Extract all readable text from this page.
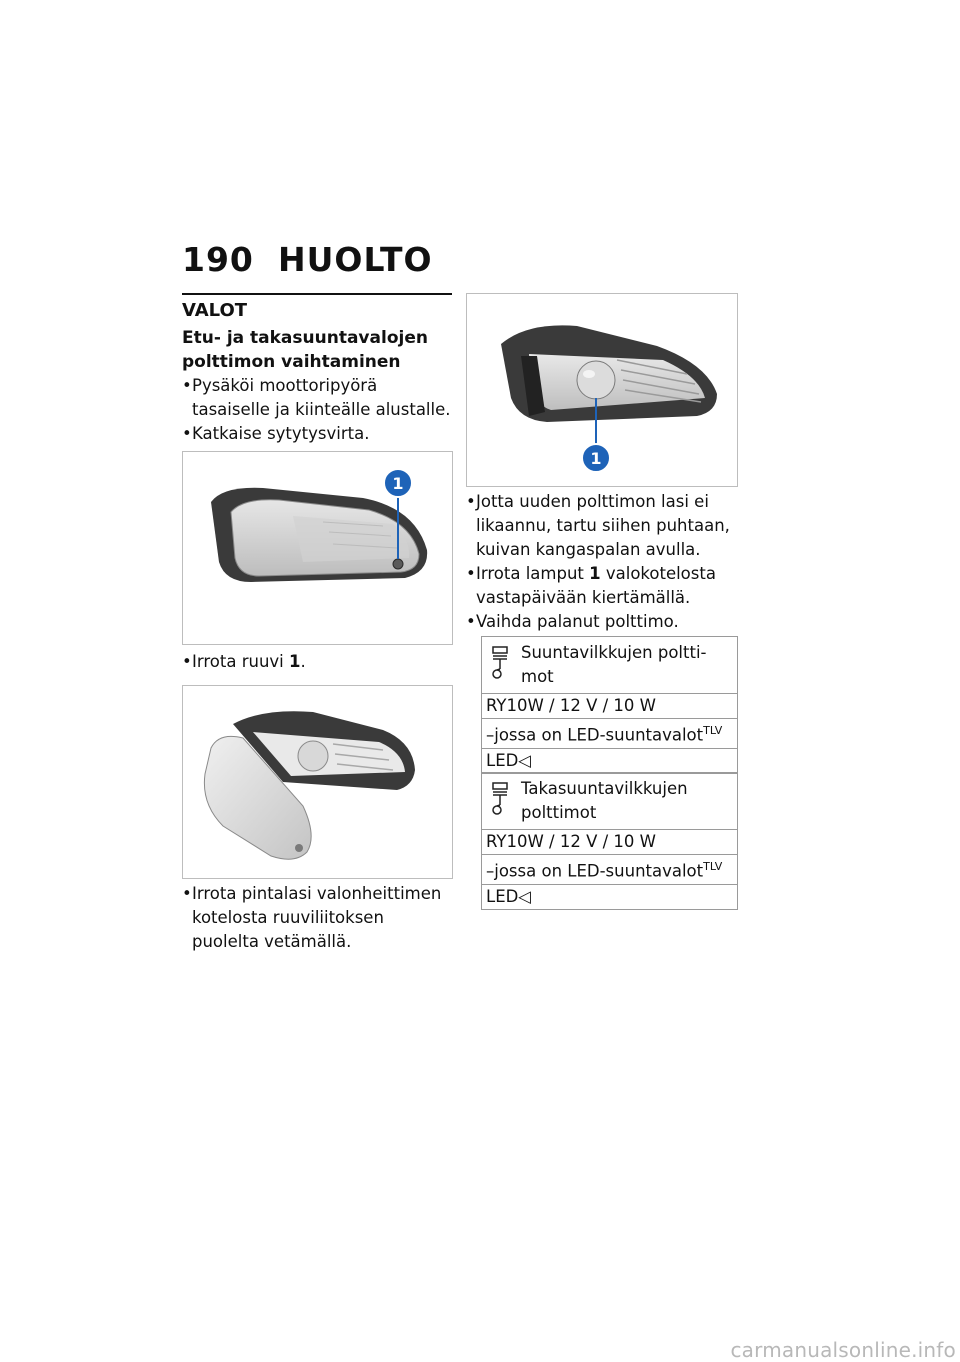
190 HUOLTO
VALOT
Etu- ja takasuuntavalojen polttimon vaihtaminen
• Pysäköi moottoripyörä tasaiselle ja kiinteälle alustalle.
• Katkaise sytytysvirta.
1
• Irrota ruuvi 1.
• Irrota pintalasi valonheittimen kotelosta ruuviliitoksen puolelta vetämällä.
1
• Jotta uuden polttimon lasi ei likaannu, tartu siihen puhtaan, kuivan kangaspalan avulla.
• Irrota lamput 1 valokotelosta vastapäivään kiertämällä.
• Vaihda palanut polttimo.
Suuntavilkkujen poltti-
mot
RY10W / 12 V / 10 W
–jossa on LED-suuntavalot$^{TLV}$
LED◁
Takasuuntavilkkujen
polttimot
RY10W / 12 V / 10 W
–jossa on LED-suuntavalot$^{TLV}$
LED◁
carmanualsonline.info
